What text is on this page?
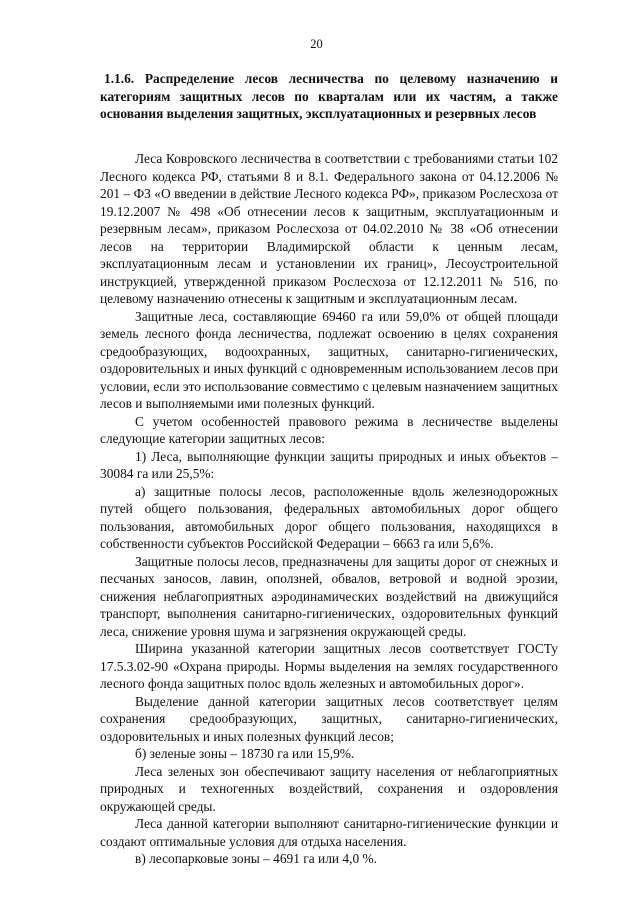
20
1.1.6. Распределение лесов лесничества по целевому назначению и категориям защитных лесов по кварталам или их частям, а также основания выделения защитных, эксплуатационных и резервных лесов

Леса Ковровского лесничества в соответствии с требованиями статьи 102 Лесного кодекса РФ, статьями 8 и 8.1. Федерального закона от 04.12.2006 № 201 – ФЗ «О введении в действие Лесного кодекса РФ», приказом Рослесхоза от 19.12.2007 № 498 «Об отнесении лесов к защитным, эксплуатационным и резервным лесам», приказом Рослесхоза от 04.02.2010 № 38 «Об отнесении лесов на территории Владимирской области к ценным лесам, эксплуатационным лесам и установлении их границ», Лесоустроительной инструкцией, утвержденной приказом Рослесхоза от 12.12.2011 № 516, по целевому назначению отнесены к защитным и эксплуатационным лесам.

Защитные леса, составляющие 69460 га или 59,0% от общей площади земель лесного фонда лесничества, подлежат освоению в целях сохранения средообразующих, водоохранных, защитных, санитарно-гигиенических, оздоровительных и иных функций с одновременным использованием лесов при условии, если это использование совместимо с целевым назначением защитных лесов и выполняемыми ими полезных функций.

С учетом особенностей правового режима в лесничестве выделены следующие категории защитных лесов:

1) Леса, выполняющие функции защиты природных и иных объектов – 30084 га или 25,5%:

а) защитные полосы лесов, расположенные вдоль железнодорожных путей общего пользования, федеральных автомобильных дорог общего пользования, автомобильных дорог общего пользования, находящихся в собственности субъектов Российской Федерации – 6663 га или 5,6%.

Защитные полосы лесов, предназначены для защиты дорог от снежных и песчаных заносов, лавин, оползней, обвалов, ветровой и водной эрозии, снижения неблагоприятных аэродинамических воздействий на движущийся транспорт, выполнения санитарно-гигиенических, оздоровительных функций леса, снижение уровня шума и загрязнения окружающей среды.

Ширина указанной категории защитных лесов соответствует ГОСТу 17.5.3.02-90 «Охрана природы. Нормы выделения на землях государственного лесного фонда защитных полос вдоль железных и автомобильных дорог».

Выделение данной категории защитных лесов соответствует целям сохранения средообразующих, защитных, санитарно-гигиенических, оздоровительных и иных полезных функций лесов;

б) зеленые зоны – 18730 га или 15,9%.

Леса зеленых зон обеспечивают защиту населения от неблагоприятных природных и техногенных воздействий, сохранения и оздоровления окружающей среды.

Леса данной категории выполняют санитарно-гигиенические функции и создают оптимальные условия для отдыха населения.

в) лесопарковые зоны – 4691 га или 4,0 %.
